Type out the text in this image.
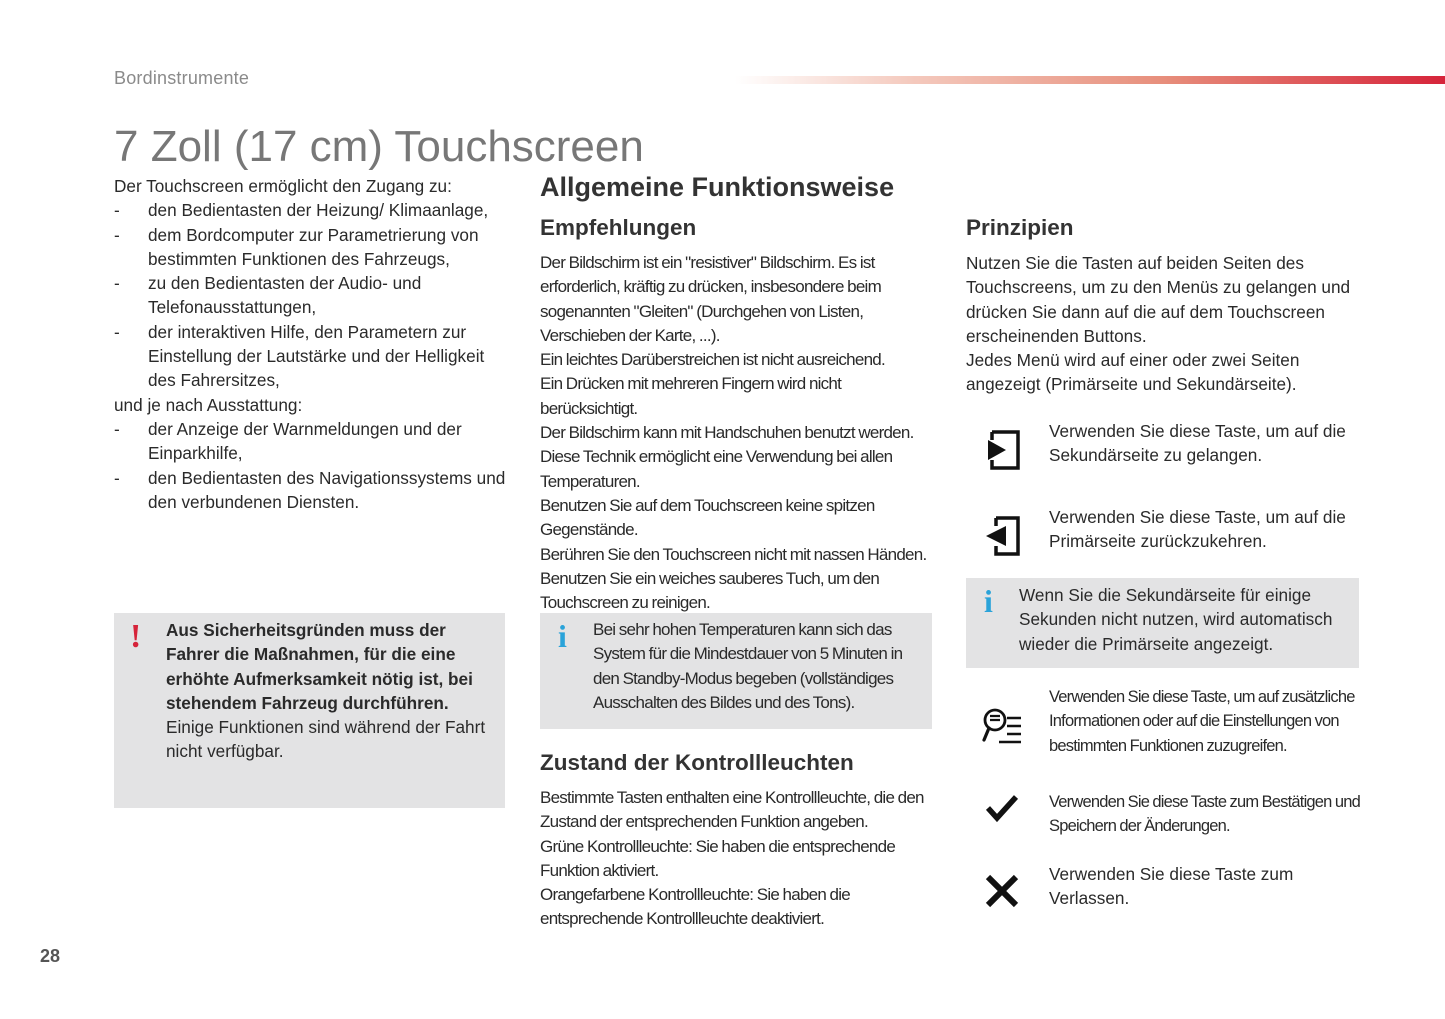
Bordinstrumente
7 Zoll (17 cm) Touchscreen

Der Touchscreen ermöglicht den Zugang zu:

- den Bedientasten der Heizung/ Klimaanlage,
- dem Bordcomputer zur Parametrierung von bestimmten Funktionen des Fahrzeugs,
- zu den Bedientasten der Audio- und Telefonausstattungen,
- der interaktiven Hilfe, den Parametern zur Einstellung der Lautstärke und der Helligkeit des Fahrersitzes,

und je nach Ausstattung:

- der Anzeige der Warnmeldungen und der Einparkhilfe,
- den Bedientasten des Navigationssystems und den verbundenen Diensten.
! Aus Sicherheitsgründen muss der Fahrer die Maßnahmen, für die eine erhöhte Aufmerksamkeit nötig ist, bei stehendem Fahrzeug durchführen.
Einige Funktionen sind während der Fahrt nicht verfügbar.
Allgemeine Funktionsweise
Empfehlungen

Der Bildschirm ist ein "resistiver" Bildschirm. Es ist erforderlich, kräftig zu drücken, insbesondere beim sogenannten "Gleiten" (Durchgehen von Listen, Verschieben der Karte, ...).

Ein leichtes Darüberstreichen ist nicht ausreichend.

Ein Drücken mit mehreren Fingern wird nicht berücksichtigt.

Der Bildschirm kann mit Handschuhen benutzt werden.

Diese Technik ermöglicht eine Verwendung bei allen Temperaturen.

Benutzen Sie auf dem Touchscreen keine spitzen Gegenstände.

Berühren Sie den Touchscreen nicht mit nassen Händen.

Benutzen Sie ein weiches sauberes Tuch, um den Touchscreen zu reinigen.

i Bei sehr hohen Temperaturen kann sich das System für die Mindestdauer von 5 Minuten in den Standby-Modus begeben (vollständiges Ausschalten des Bildes und des Tons).
Zustand der Kontrollleuchten

Bestimmte Tasten enthalten eine Kontrollleuchte, die den Zustand der entsprechenden Funktion angeben.

Grüne Kontrollleuchte: Sie haben die entsprechende Funktion aktiviert.

Orangefarbene Kontrollleuchte: Sie haben die entsprechende Kontrollleuchte deaktiviert.

Prinzipien

Nutzen Sie die Tasten auf beiden Seiten des Touchscreens, um zu den Menüs zu gelangen und drücken Sie dann auf die auf dem Touchscreen erscheinenden Buttons.

Jedes Menü wird auf einer oder zwei Seiten angezeigt (Primärseite und Sekundärseite).

Verwenden Sie diese Taste, um auf die Sekundärseite zu gelangen.
Verwenden Sie diese Taste, um auf die Primärseite zurückzukehren.
i Wenn Sie die Sekundärseite für einige Sekunden nicht nutzen, wird automatisch wieder die Primärseite angezeigt.
Verwenden Sie diese Taste, um auf zusätzliche Informationen oder auf die Einstellungen von bestimmten Funktionen zuzugreifen.
Verwenden Sie diese Taste zum Bestätigen und Speichern der Änderungen.
Verwenden Sie diese Taste zum Verlassen.
28
